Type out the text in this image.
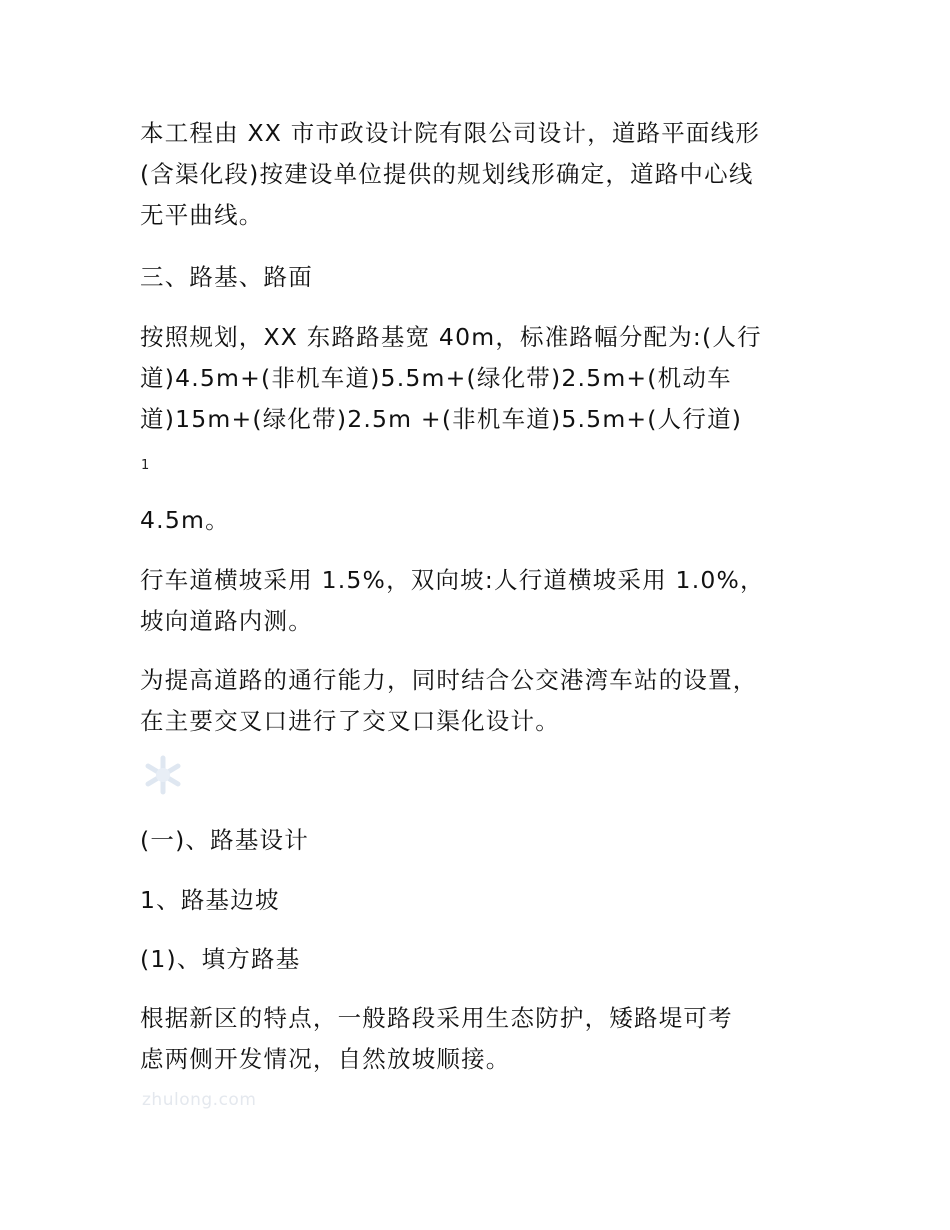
本工程由 XX 市市政设计院有限公司设计，道路平面线形
(含渠化段)按建设单位提供的规划线形确定，道路中心线
无平曲线。

三、路基、路面

按照规划，XX 东路路基宽 40m，标准路幅分配为:(人行
道)4.5m+(非机车道)5.5m+(绿化带)2.5m+(机动车
道)15m+(绿化带)2.5m +(非机车道)5.5m+(人行道)

1

4.5m。

行车道横坡采用 1.5%，双向坡:人行道横坡采用 1.0%，
坡向道路内测。

为提高道路的通行能力，同时结合公交港湾车站的设置，
在主要交叉口进行了交叉口渠化设计。

(一)、路基设计

1、路基边坡

(1)、填方路基

根据新区的特点，一般路段采用生态防护，矮路堤可考
虑两侧开发情况，自然放坡顺接。

zhulong.com
